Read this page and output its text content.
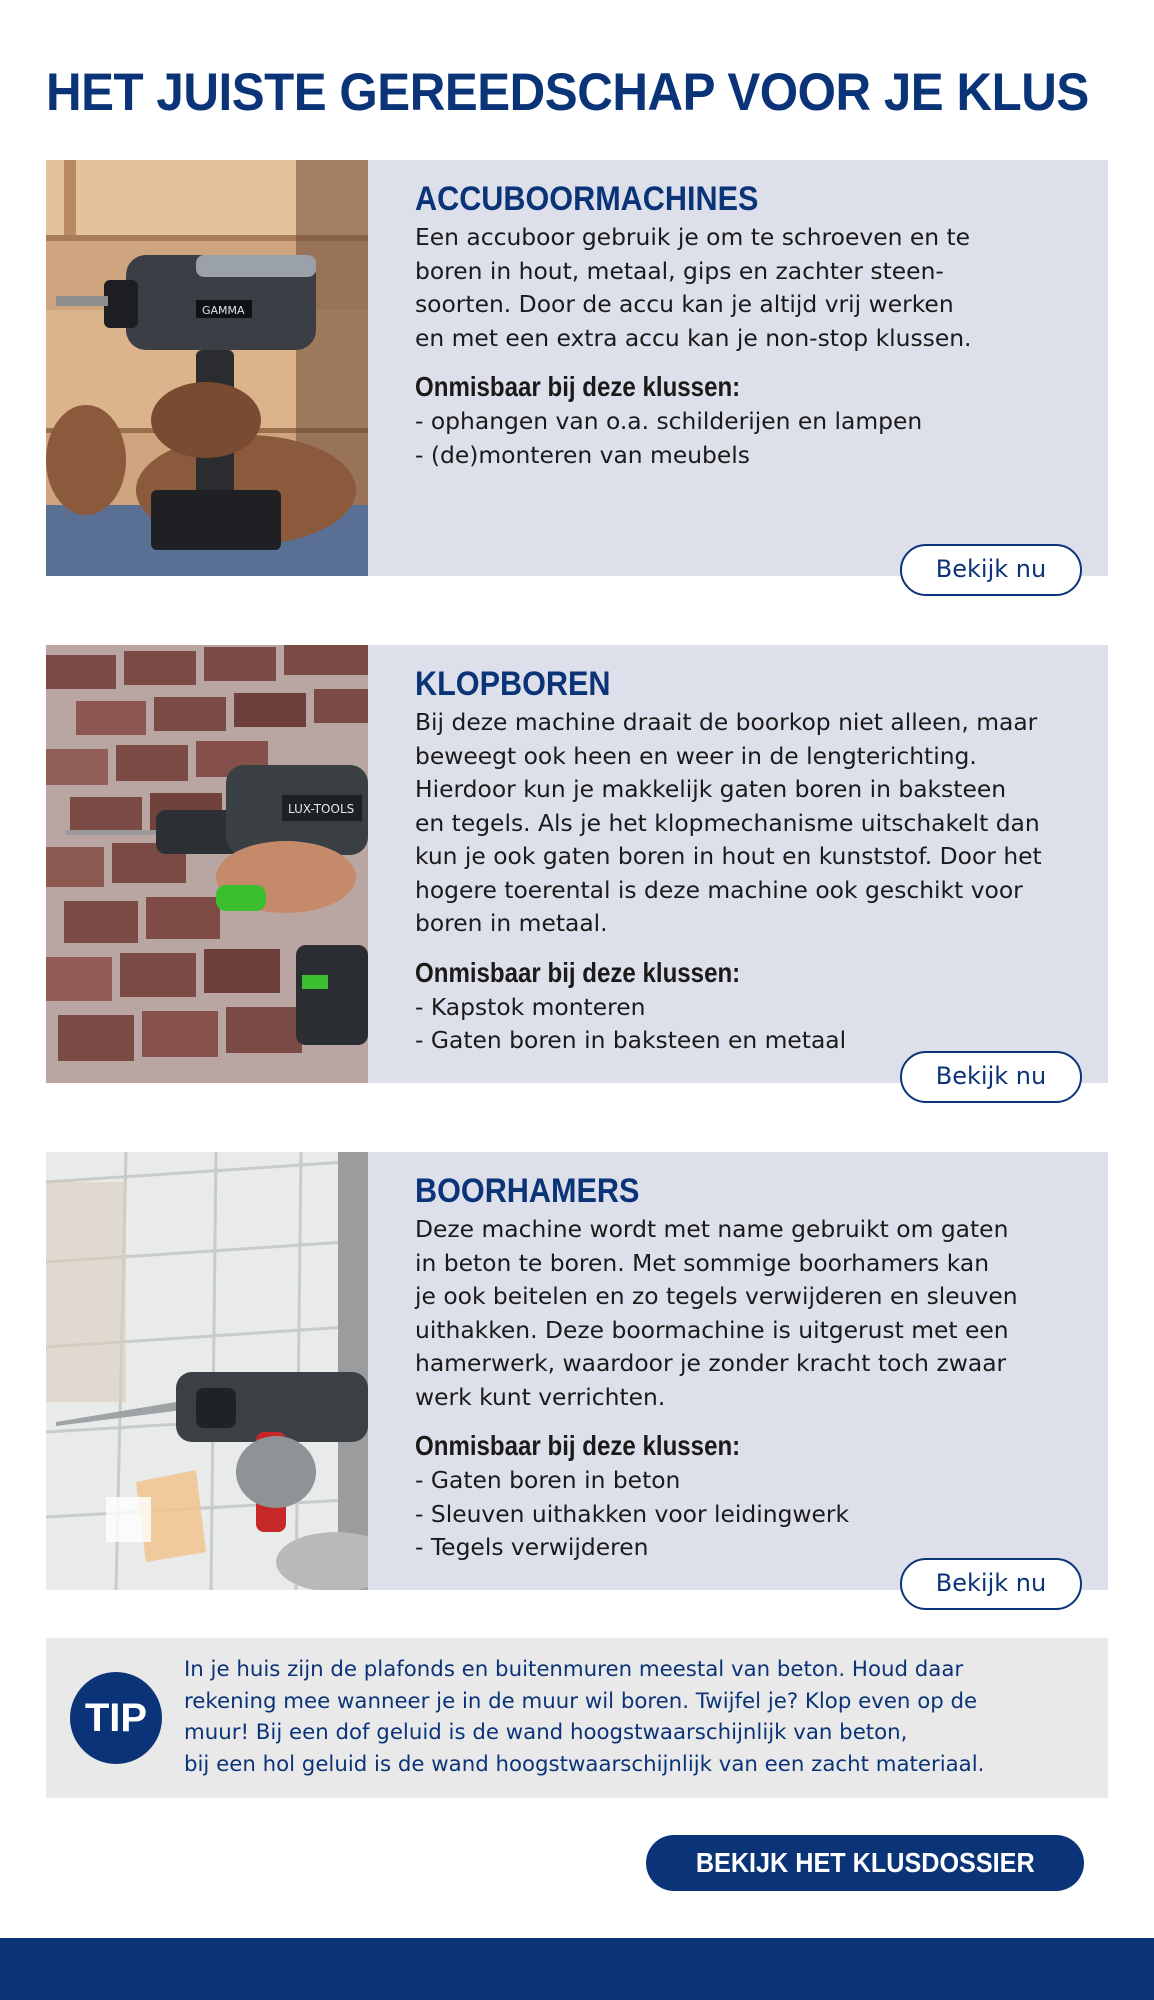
HET JUISTE GEREEDSCHAP VOOR JE KLUS
GAMMA
ACCUBOORMACHINES

Een accuboor gebruik je om te schroeven en te
boren in hout, metaal, gips en zachter steen-
soorten. Door de accu kan je altijd vrij werken
en met een extra accu kan je non-stop klussen.

Onmisbaar bij deze klussen:
- ophangen van o.a. schilderijen en lampen
- (de)monteren van meubels
Bekijk nu
LUX-TOOLS
KLOPBOREN

Bij deze machine draait de boorkop niet alleen, maar
beweegt ook heen en weer in de lengterichting.
Hierdoor kun je makkelijk gaten boren in baksteen
en tegels. Als je het klopmechanisme uitschakelt dan
kun je ook gaten boren in hout en kunststof. Door het
hogere toerental is deze machine ook geschikt voor
boren in metaal.

Onmisbaar bij deze klussen:
- Kapstok monteren
- Gaten boren in baksteen en metaal
Bekijk nu
BOORHAMERS

Deze machine wordt met name gebruikt om gaten
in beton te boren. Met sommige boorhamers kan
je ook beitelen en zo tegels verwijderen en sleuven
uithakken. Deze boormachine is uitgerust met een
hamerwerk, waardoor je zonder kracht toch zwaar
werk kunt verrichten.

Onmisbaar bij deze klussen:
- Gaten boren in beton
- Sleuven uithakken voor leidingwerk
- Tegels verwijderen
Bekijk nu
TIP

In je huis zijn de plafonds en buitenmuren meestal van beton. Houd daar
rekening mee wanneer je in de muur wil boren. Twijfel je? Klop even op de
muur! Bij een dof geluid is de wand hoogstwaarschijnlijk van beton,
bij een hol geluid is de wand hoogstwaarschijnlijk van een zacht materiaal.

BEKIJK HET KLUSDOSSIER
